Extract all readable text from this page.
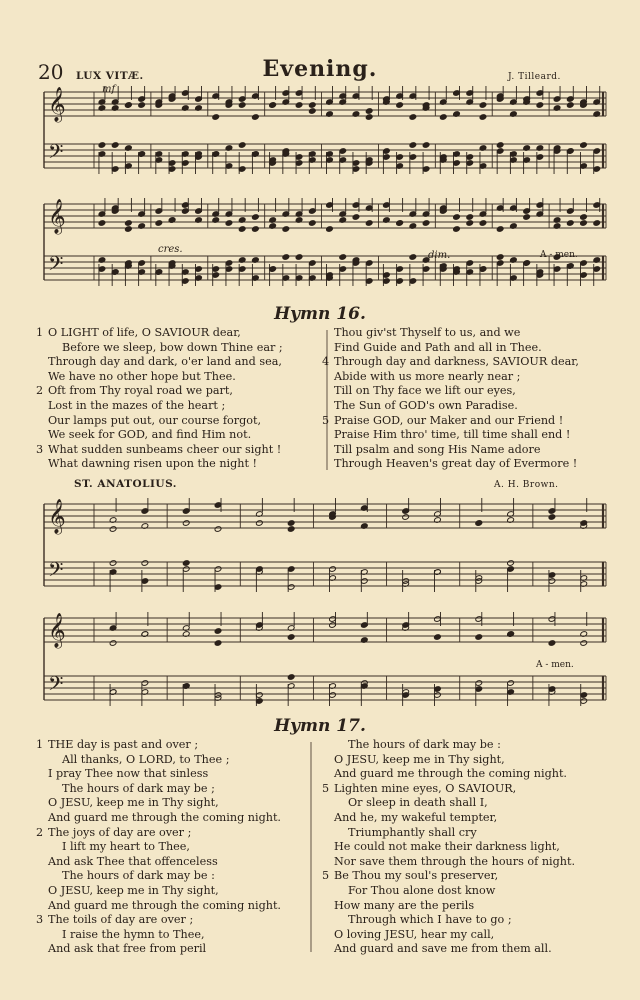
20 LUX VITÆ.	Evening.	J. Tilleard.
𝄞
𝄢
𝄞
𝄢
mf
cres.
dim.	A - men.
Hymn 16.
1 O LIGHT of life, O SAVIOUR dear,
Before we sleep, bow down Thine ear ;
Through day and dark, o'er land and sea,
We have no other hope but Thee.
2 Oft from Thy royal road we part,
Lost in the mazes of the heart ;
Our lamps put out, our course forgot,
We seek for GOD, and find Him not.
3 What sudden sunbeams cheer our sight !
What dawning risen upon the night !
Thou giv'st Thyself to us, and we
Find Guide and Path and all in Thee.
4 Through day and darkness, SAVIOUR dear,
Abide with us more nearly near ;
Till on Thy face we lift our eyes,
The Sun of GOD's own Paradise.
5 Praise GOD, our Maker and our Friend !
Praise Him thro' time, till time shall end !
Till psalm and song His Name adore
Through Heaven's great day of Evermore !
ST. ANATOLIUS.	A. H. Brown.
𝄞
𝄢
𝄞
𝄢
A - men.
Hymn 17.
1 THE day is past and over ;
All thanks, O LORD, to Thee ;
I pray Thee now that sinless
The hours of dark may be ;
O JESU, keep me in Thy sight,
And guard me through the coming night.
2 The joys of day are over ;
I lift my heart to Thee,
And ask Thee that offenceless
The hours of dark may be :
O JESU, keep me in Thy sight,
And guard me through the coming night.
3 The toils of day are over ;
I raise the hymn to Thee,
And ask that free from peril
The hours of dark may be :
O JESU, keep me in Thy sight,
And guard me through the coming night.
5 Lighten mine eyes, O SAVIOUR,
Or sleep in death shall I,
And he, my wakeful tempter,
Triumphantly shall cry
He could not make their darkness light,
Nor save them through the hours of night.
5 Be Thou my soul's preserver,
For Thou alone dost know
How many are the perils
Through which I have to go ;
O loving JESU, hear my call,
And guard and save me from them all.
